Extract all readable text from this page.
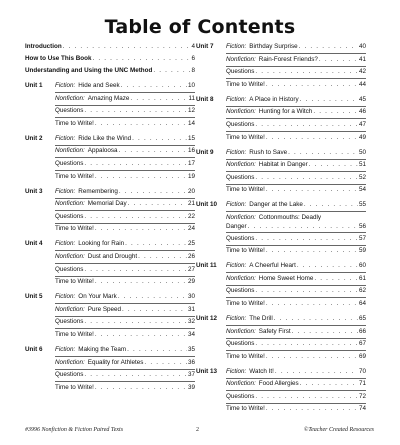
Table of Contents
Introduction . . .	4
How to Use This Book . . .	6
Understanding and Using the UNC Method . . .	8
Unit 1 Fiction: Hide and Seek . . .	10
Nonfiction: Amazing Maze . . .	11
Questions . . .	12
Time to Write! . . .	14
Unit 2 Fiction: Ride Like the Wind . . .	15
Nonfiction: Appaloosa . . .	16
Questions . . .	17
Time to Write! . . .	19
Unit 3 Fiction: Remembering . . .	20
Nonfiction: Memorial Day . . .	21
Questions . . .	22
Time to Write! . . .	24
Unit 4 Fiction: Looking for Rain . . .	25
Nonfiction: Dust and Drought . . .	26
Questions . . .	27
Time to Write! . . .	29
Unit 5 Fiction: On Your Mark . . .	30
Nonfiction: Pure Speed . . .	31
Questions . . .	32
Time to Write! . . .	34
Unit 6 Fiction: Making the Team . . .	35
Nonfiction: Equality for Athletes . . .	36
Questions . . .	37
Time to Write! . . .	39
Unit 7 Fiction: Birthday Surprise . . .	40
Nonfiction: Rain-Forest Friends? . . .	41
Questions . . .	42
Time to Write! . . .	44
Unit 8 Fiction: A Place in History . . .	45
Nonfiction: Hunting for a Witch . . .	46
Questions . . .	47
Time to Write! . . .	49
Unit 9 Fiction: Rush to Save . . .	50
Nonfiction: Habitat in Danger . . .	51
Questions . . .	52
Time to Write! . . .	54
Unit 10 Fiction: Danger at the Lake . . .	55
Nonfiction: Cottonmouths: Deadly
Danger . . .	56
Questions . . .	57
Time to Write! . . .	59
Unit 11 Fiction: A Cheerful Heart . . .	60
Nonfiction: Home Sweet Home . . .	61
Questions . . .	62
Time to Write! . . .	64
Unit 12 Fiction: The Drill . . .	65
Nonfiction: Safety First . . .	66
Questions . . .	67
Time to Write! . . .	69
Unit 13 Fiction: Watch It! . . .	70
Nonfiction: Food Allergies . . .	71
Questions . . .	72
Time to Write! . . .	74
#3996 Nonfiction & Fiction Paired Texts	2	©Teacher Created Resources
